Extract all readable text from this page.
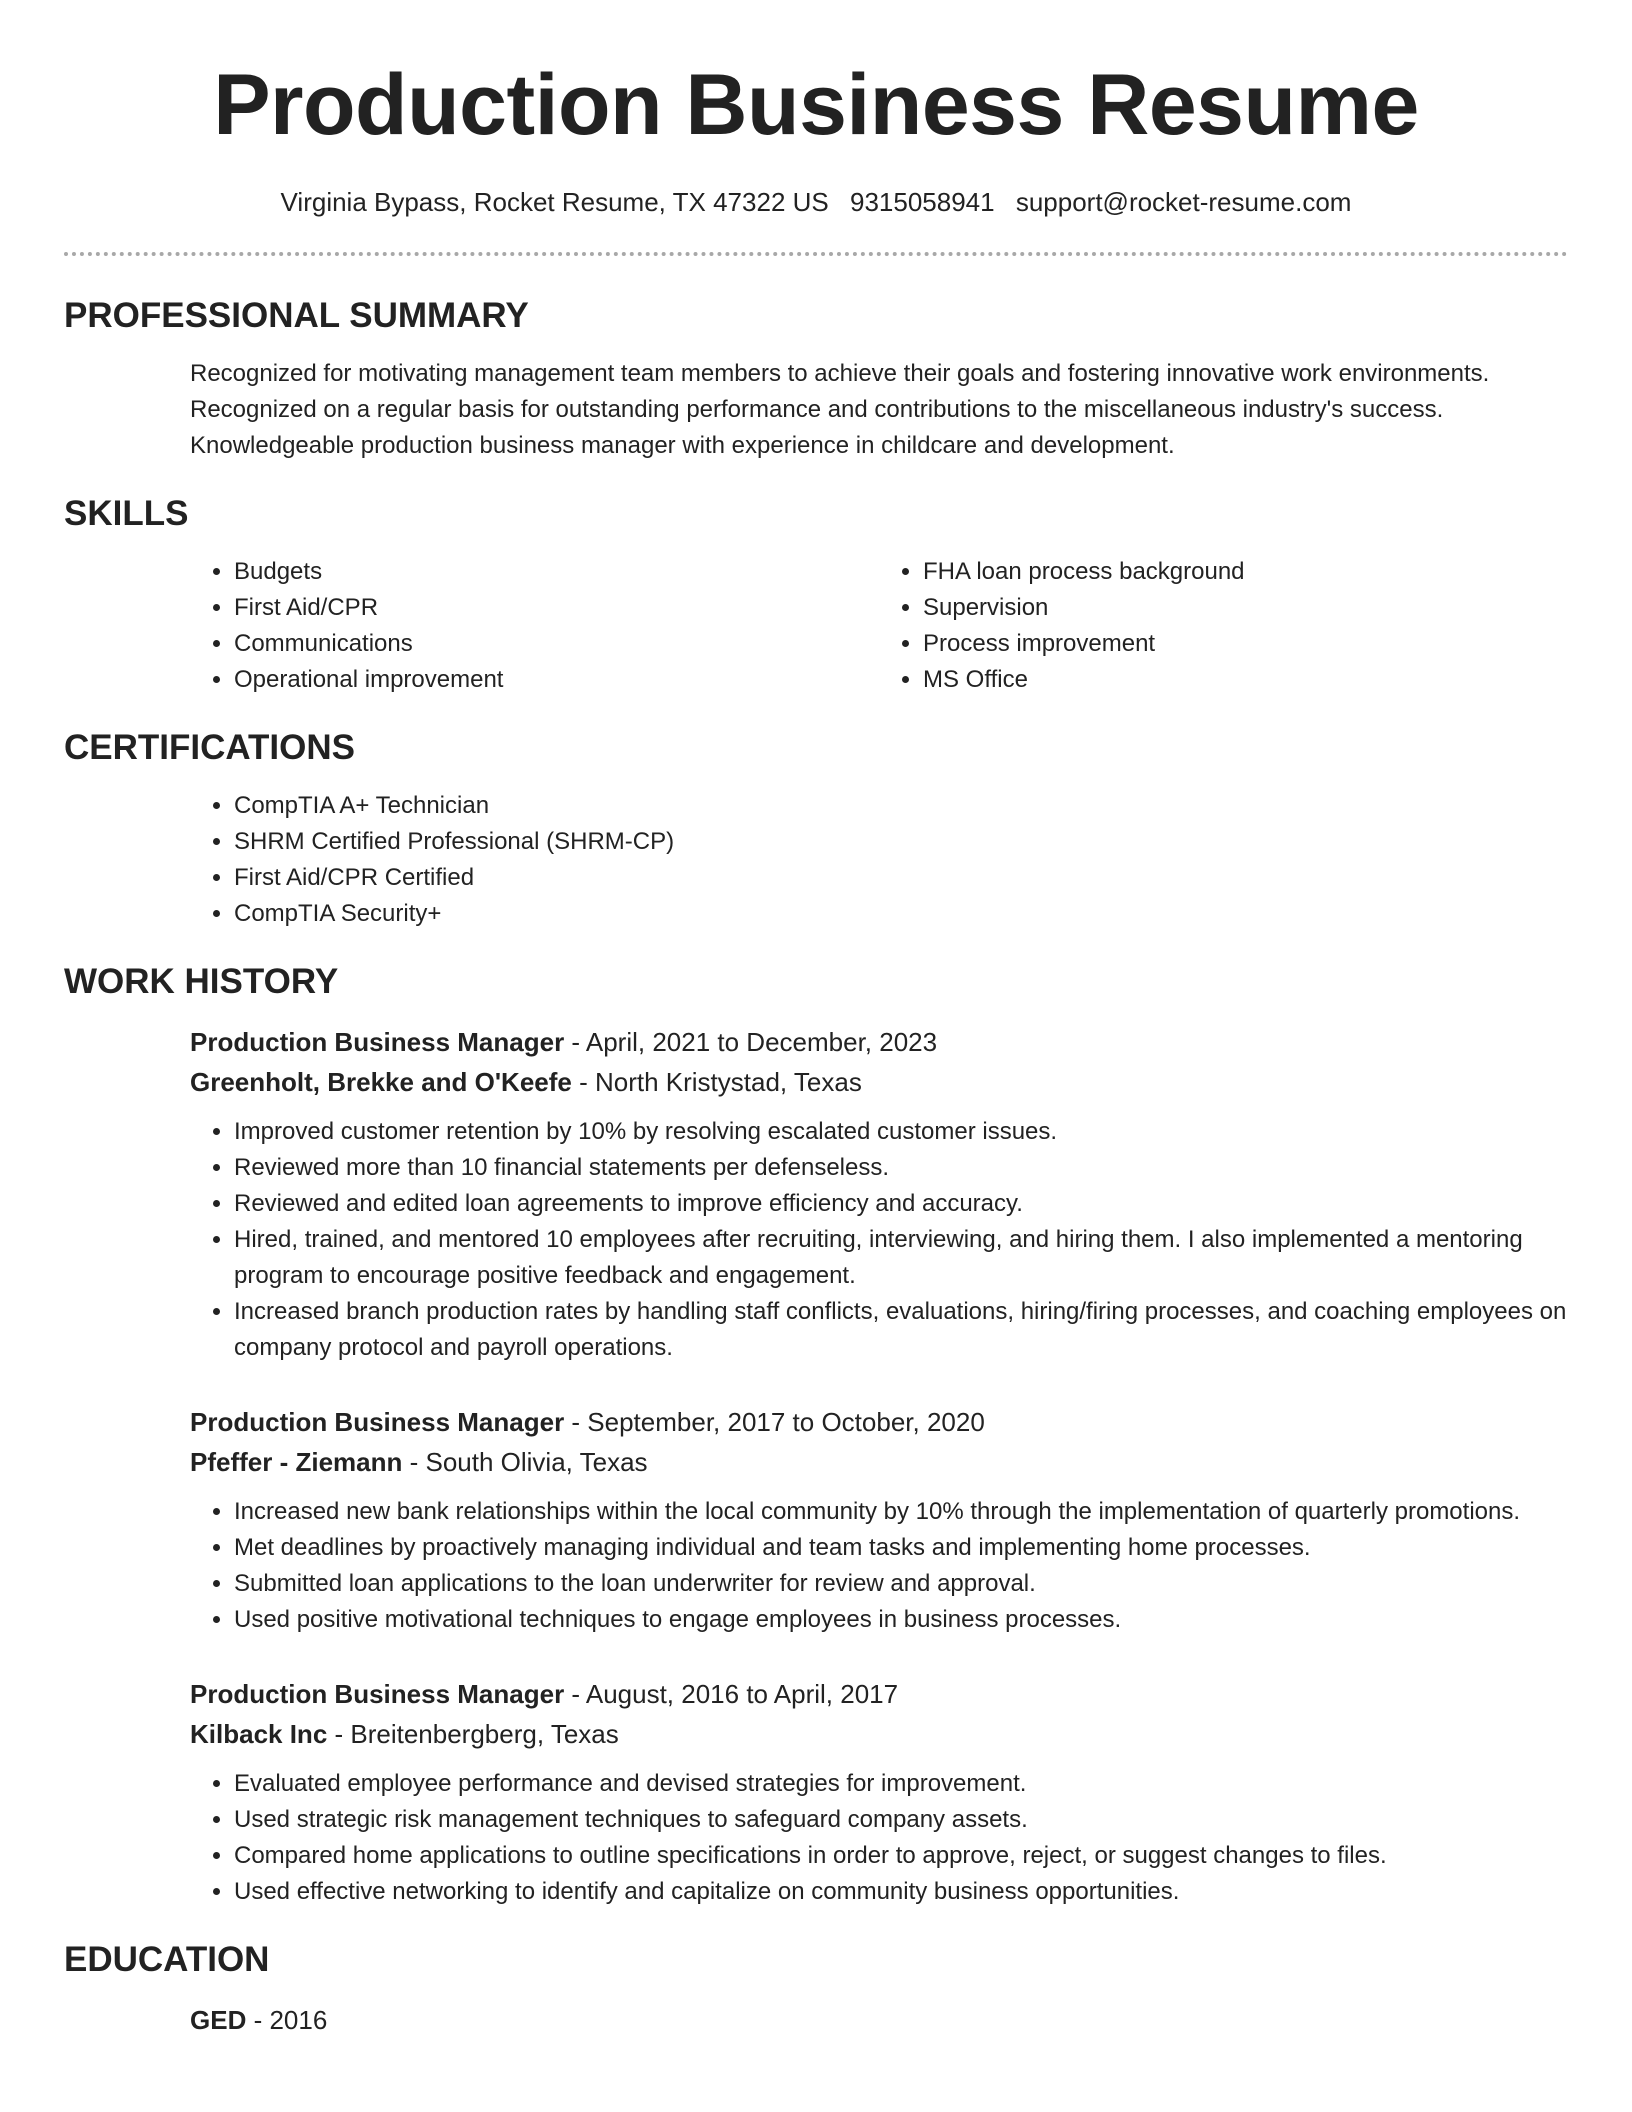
Production Business Resume
Virginia Bypass, Rocket Resume, TX 47322 US 9315058941 support@rocket-resume.com
PROFESSIONAL SUMMARY

Recognized for motivating management team members to achieve their goals and fostering innovative work environments. Recognized on a regular basis for outstanding performance and contributions to the miscellaneous industry's success. Knowledgeable production business manager with experience in childcare and development.

SKILLS
• Budgets
• First Aid/CPR
• Communications
• Operational improvement
• FHA loan process background
• Supervision
• Process improvement
• MS Office
CERTIFICATIONS
• CompTIA A+ Technician
• SHRM Certified Professional (SHRM-CP)
• First Aid/CPR Certified
• CompTIA Security+
WORK HISTORY
Production Business Manager - April, 2021 to December, 2023
Greenholt, Brekke and O'Keefe - North Kristystad, Texas
• Improved customer retention by 10% by resolving escalated customer issues.
• Reviewed more than 10 financial statements per defenseless.
• Reviewed and edited loan agreements to improve efficiency and accuracy.
• Hired, trained, and mentored 10 employees after recruiting, interviewing, and hiring them. I also implemented a mentoring program to encourage positive feedback and engagement.
• Increased branch production rates by handling staff conflicts, evaluations, hiring/firing processes, and coaching employees on company protocol and payroll operations.
Production Business Manager - September, 2017 to October, 2020
Pfeffer - Ziemann - South Olivia, Texas
• Increased new bank relationships within the local community by 10% through the implementation of quarterly promotions.
• Met deadlines by proactively managing individual and team tasks and implementing home processes.
• Submitted loan applications to the loan underwriter for review and approval.
• Used positive motivational techniques to engage employees in business processes.
Production Business Manager - August, 2016 to April, 2017
Kilback Inc - Breitenbergberg, Texas
• Evaluated employee performance and devised strategies for improvement.
• Used strategic risk management techniques to safeguard company assets.
• Compared home applications to outline specifications in order to approve, reject, or suggest changes to files.
• Used effective networking to identify and capitalize on community business opportunities.
EDUCATION
GED - 2016
